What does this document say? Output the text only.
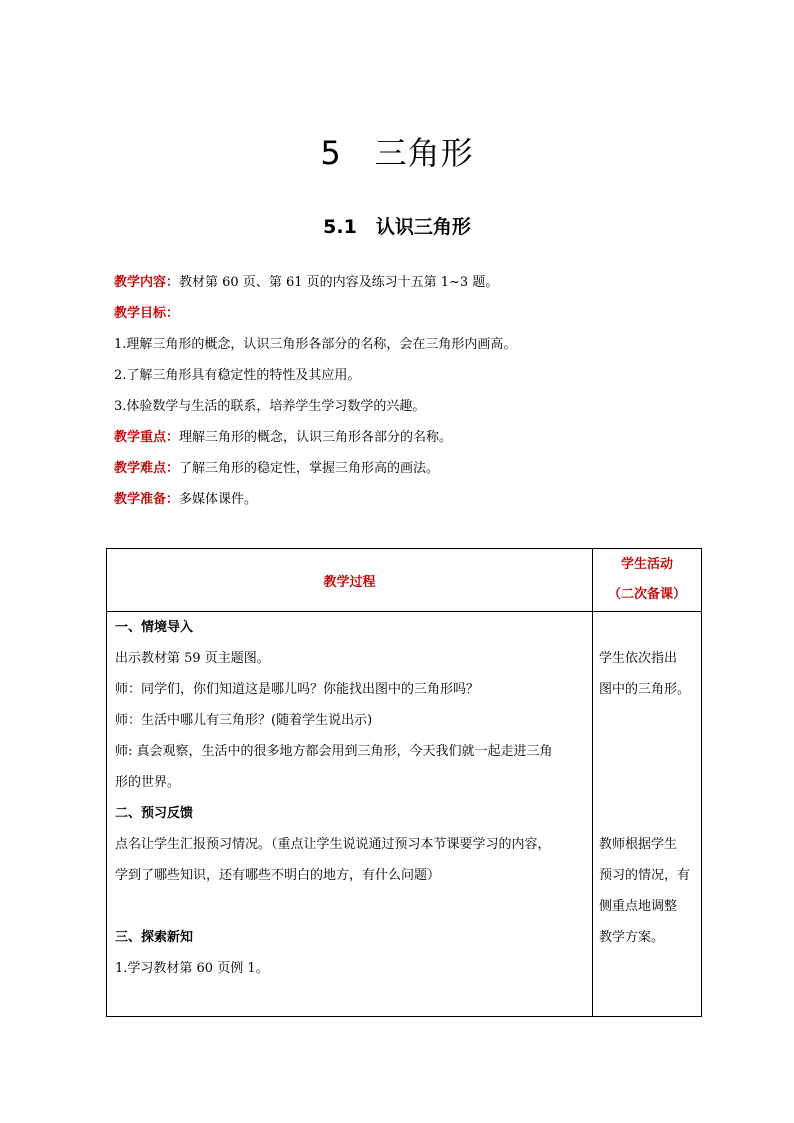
5　三角形
5.1　认识三角形
教学内容：教材第 60 页、第 61 页的内容及练习十五第 1~3 题。
教学目标：
1.理解三角形的概念，认识三角形各部分的名称，会在三角形内画高。
2.了解三角形具有稳定性的特性及其应用。
3.体验数学与生活的联系，培养学生学习数学的兴趣。
教学重点：理解三角形的概念，认识三角形各部分的名称。
教学难点：了解三角形的稳定性，掌握三角形高的画法。
教学准备：多媒体课件。
教学过程
学生活动
（二次备课）
一、情境导入
出示教材第 59 页主题图。
师：同学们，你们知道这是哪儿吗？你能找出图中的三角形吗？
师：生活中哪儿有三角形？(随着学生说出示)
师: 真会观察，生活中的很多地方都会用到三角形，今天我们就一起走进三角
形的世界。
二、预习反馈
点名让学生汇报预习情况。（重点让学生说说通过预习本节课要学习的内容，
学到了哪些知识，还有哪些不明白的地方，有什么问题）
三、探索新知
1.学习教材第 60 页例 1。
学生依次指出
图中的三角形。
教师根据学生
预习的情况，有
侧重点地调整
教学方案。
